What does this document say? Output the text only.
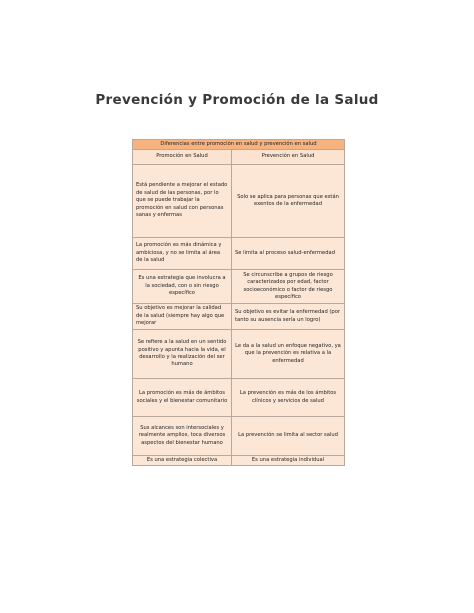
Prevención y Promoción de la Salud
Diferencias entre promoción en salud y prevención en salud	
Promoción en Salud	Prevención en Salud
Está pendiente a mejorar el estado de salud de las personas, por lo que se puede trabajar la promoción en salud con personas sanas y enfermas	Solo se aplica para personas que están exentos de la enfermedad
La promoción es más dinámica y ambiciosa, y no se limita al área de la salud	Se limita al proceso salud-enfermedad
Es una estrategia que involucra a la sociedad, con o sin riesgo específico	Se circunscribe a grupos de riesgo caracterizados por edad, factor socioeconómico o factor de riesgo específico
Su objetivo es mejorar la calidad de la salud (siempre hay algo que mejorar	Su objetivo es evitar la enfermedad (por tanto su ausencia sería un logro)
Se refiere a la salud en un sentido positivo y apunta hacia la vida, el desarrollo y la realización del ser humano	Le da a la salud un enfoque negativo, ya que la prevención es relativa a la enfermedad
La promoción es más de ámbitos sociales y el bienestar comunitario	La prevención es más de los ámbitos clínicos y servicios de salud
Sus alcances son intersociales y realmente amplios, toca diversos aspectos del bienestar humano	La prevención se limita al sector salud
Es una estrategia colectiva	Es una estrategia individual
